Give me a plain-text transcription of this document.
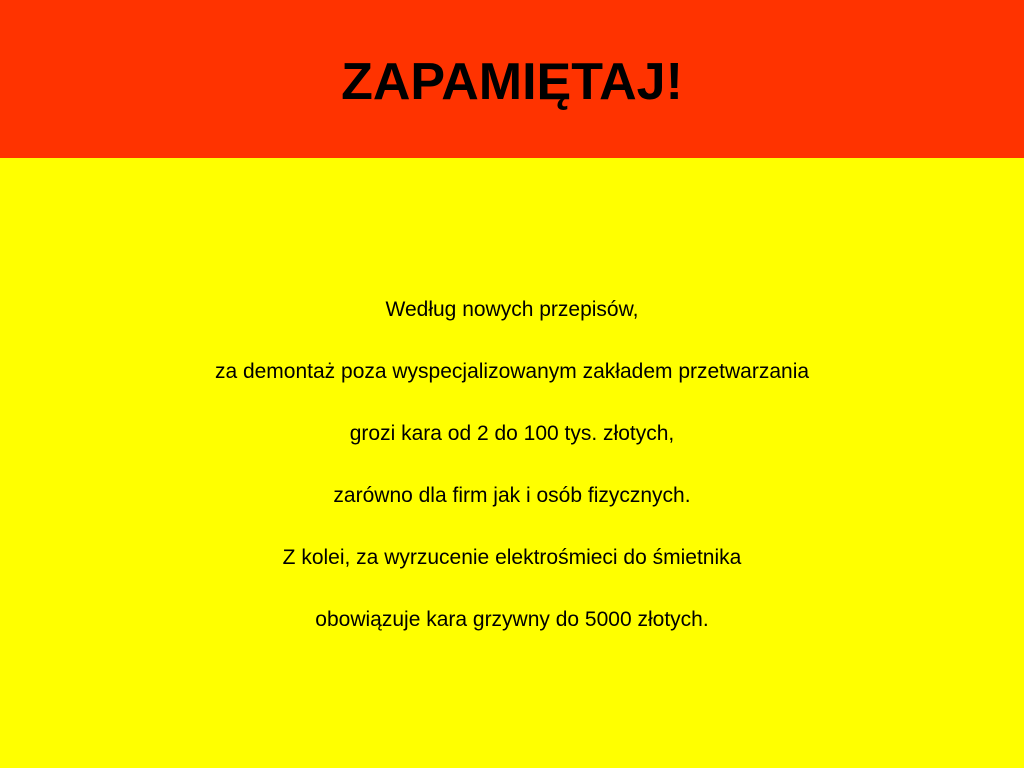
ZAPAMIĘTAJ!
Według nowych przepisów,
za demontaż poza wyspecjalizowanym zakładem przetwarzania
grozi kara od 2 do 100 tys. złotych,
zarówno dla firm jak i osób fizycznych.
Z kolei, za wyrzucenie elektrośmieci do śmietnika
obowiązuje kara grzywny do 5000 złotych.
